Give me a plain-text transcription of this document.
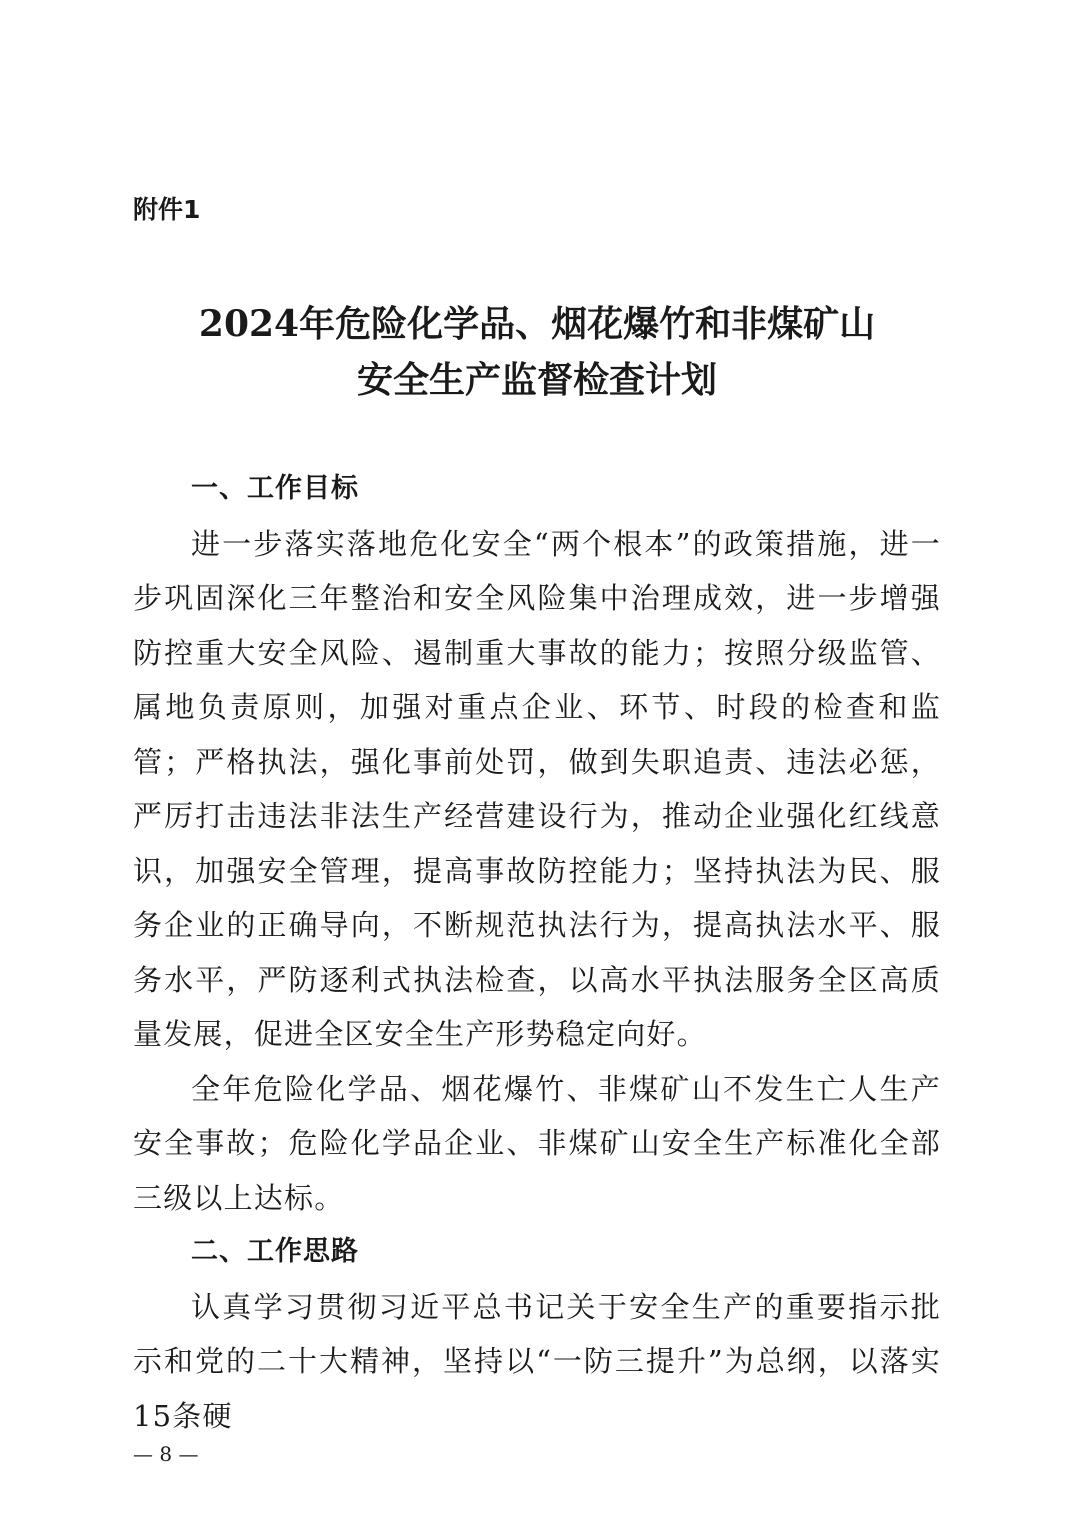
附件1
2024年危险化学品、烟花爆竹和非煤矿山
安全生产监督检查计划
一、工作目标

进一步落实落地危化安全“两个根本”的政策措施，进一步巩固深化三年整治和安全风险集中治理成效，进一步增强防控重大安全风险、遏制重大事故的能力；按照分级监管、属地负责原则，加强对重点企业、环节、时段的检查和监管；严格执法，强化事前处罚，做到失职追责、违法必惩，严厉打击违法非法生产经营建设行为，推动企业强化红线意识，加强安全管理，提高事故防控能力；坚持执法为民、服务企业的正确导向，不断规范执法行为，提高执法水平、服务水平，严防逐利式执法检查，以高水平执法服务全区高质量发展，促进全区安全生产形势稳定向好。

全年危险化学品、烟花爆竹、非煤矿山不发生亡人生产安全事故；危险化学品企业、非煤矿山安全生产标准化全部三级以上达标。

二、工作思路

认真学习贯彻习近平总书记关于安全生产的重要指示批示和党的二十大精神，坚持以“一防三提升”为总纲，以落实15条硬

— 8 —
